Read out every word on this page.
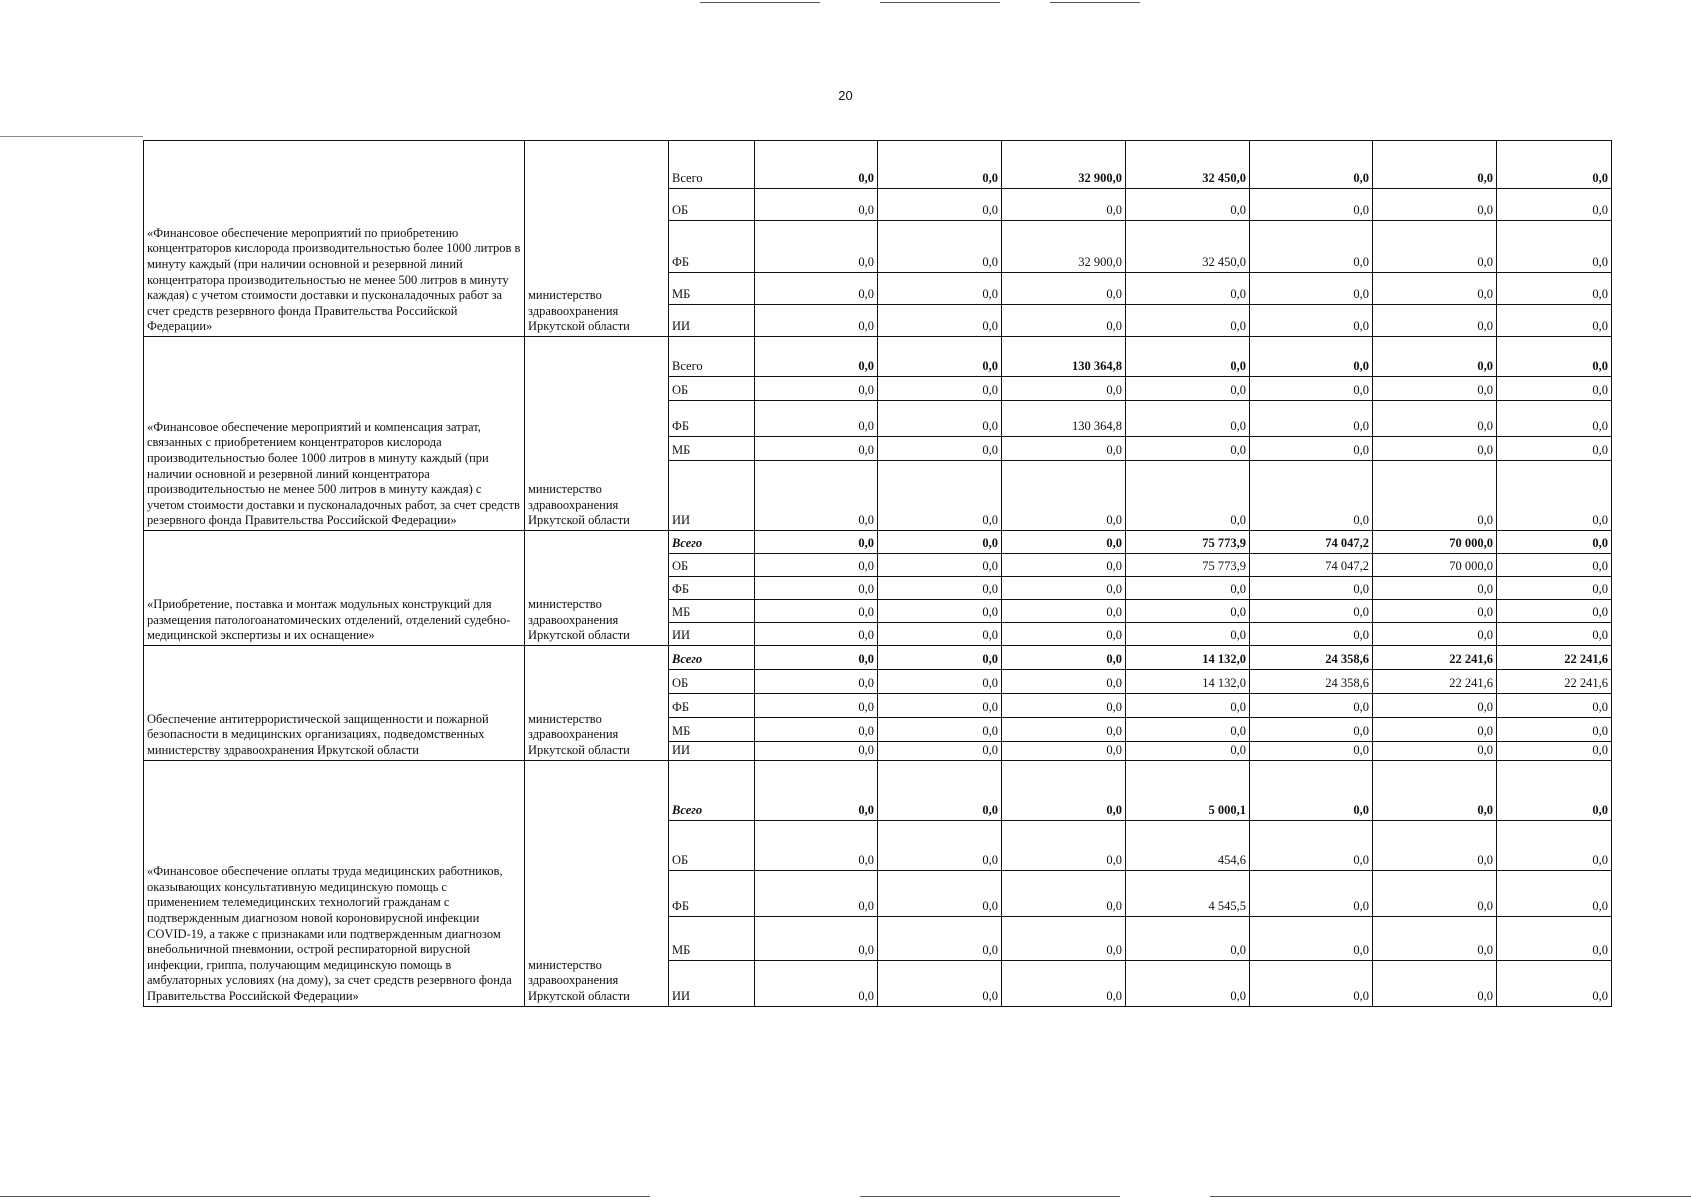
20
«Финансовое обеспечение мероприятий по приобретению концентраторов кислорода производительностью более 1000 литров в минуту каждый (при наличии основной и резервной линий концентратора производительностью не менее 500 литров в минуту каждая) с учетом стоимости доставки и пусконаладочных работ за счет средств резервного фонда Правительства Российской Федерации»	министерство здравоохранения Иркутской области	Всего	0,0	0,0	32 900,0	32 450,0	0,0	0,0	0,0
		ОБ	0,0	0,0	0,0	0,0	0,0	0,0	0,0
		ФБ	0,0	0,0	32 900,0	32 450,0	0,0	0,0	0,0
		МБ	0,0	0,0	0,0	0,0	0,0	0,0	0,0
		ИИ	0,0	0,0	0,0	0,0	0,0	0,0	0,0
«Финансовое обеспечение мероприятий и компенсация затрат, связанных с приобретением концентраторов кислорода производительностью более 1000 литров в минуту каждый (при наличии основной и резервной линий концентратора производительностью не менее 500 литров в минуту каждая) с учетом стоимости доставки и пусконаладочных работ, за счет средств резервного фонда Правительства Российской Федерации»	министерство здравоохранения Иркутской области	Всего	0,0	0,0	130 364,8	0,0	0,0	0,0	0,0
		ОБ	0,0	0,0	0,0	0,0	0,0	0,0	0,0
		ФБ	0,0	0,0	130 364,8	0,0	0,0	0,0	0,0
		МБ	0,0	0,0	0,0	0,0	0,0	0,0	0,0
		ИИ	0,0	0,0	0,0	0,0	0,0	0,0	0,0
«Приобретение, поставка и монтаж модульных конструкций для размещения патологоанатомических отделений, отделений судебно-медицинской экспертизы и их оснащение»	министерство здравоохранения Иркутской области	Всего	0,0	0,0	0,0	75 773,9	74 047,2	70 000,0	0,0
		ОБ	0,0	0,0	0,0	75 773,9	74 047,2	70 000,0	0,0
		ФБ	0,0	0,0	0,0	0,0	0,0	0,0	0,0
		МБ	0,0	0,0	0,0	0,0	0,0	0,0	0,0
		ИИ	0,0	0,0	0,0	0,0	0,0	0,0	0,0
Обеспечение антитеррористической защищенности и пожарной безопасности в медицинских организациях, подведомственных министерству здравоохранения Иркутской области	министерство здравоохранения Иркутской области	Всего	0,0	0,0	0,0	14 132,0	24 358,6	22 241,6	22 241,6
		ОБ	0,0	0,0	0,0	14 132,0	24 358,6	22 241,6	22 241,6
		ФБ	0,0	0,0	0,0	0,0	0,0	0,0	0,0
		МБ	0,0	0,0	0,0	0,0	0,0	0,0	0,0
		ИИ	0,0	0,0	0,0	0,0	0,0	0,0	0,0
«Финансовое обеспечение оплаты труда медицинских работников, оказывающих консультативную медицинскую помощь с применением телемедицинских технологий гражданам с подтвержденным диагнозом новой короновирусной инфекции COVID-19, а также с признаками или подтвержденным диагнозом внебольничной пневмонии, острой респираторной вирусной инфекции, гриппа, получающим медицинскую помощь в амбулаторных условиях (на дому), за счет средств резервного фонда Правительства Российской Федерации»	министерство здравоохранения Иркутской области	Всего	0,0	0,0	0,0	5 000,1	0,0	0,0	0,0
		ОБ	0,0	0,0	0,0	454,6	0,0	0,0	0,0
		ФБ	0,0	0,0	0,0	4 545,5	0,0	0,0	0,0
		МБ	0,0	0,0	0,0	0,0	0,0	0,0	0,0
		ИИ	0,0	0,0	0,0	0,0	0,0	0,0	0,0
